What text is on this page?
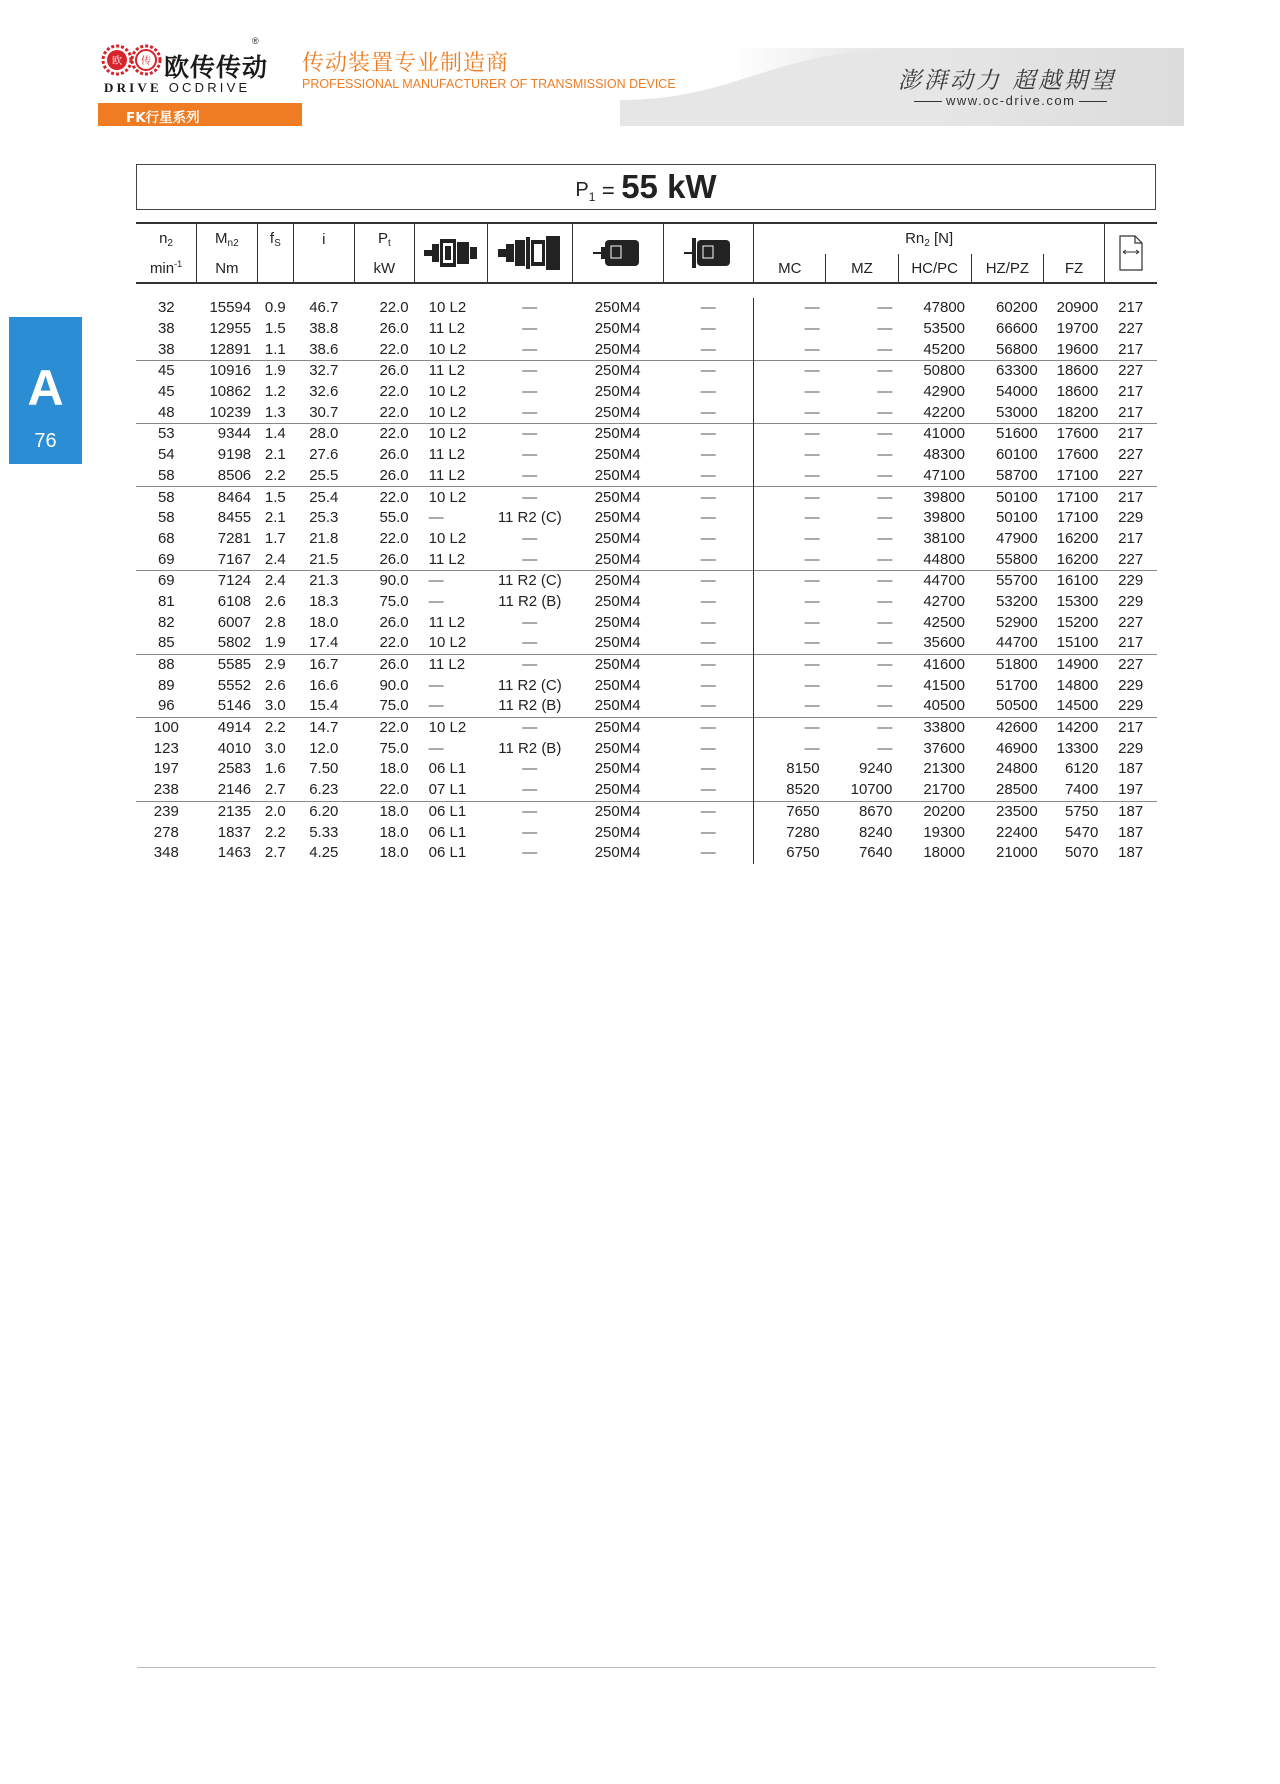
欧 传
®
欧传传动
DRIVE OCDRIVE
传动装置专业制造商
PROFESSIONAL MANUFACTURER OF TRANSMISSION DEVICE	澎湃动力 超越期望
www.oc-drive.com
FK行星系列
A
76
$P_1 = 55$ kW
$n_2$	$M_{n2}$	$f_S$	i	$P_t$					$Rn_2$ [N]	

$\min^{-1}$	Nm			kW					MC	MZ	HC/PC	HZ/PZ	FZ	

32	15594	0.9	46.7	22.0	10 L2	—	250M4	—	—	—	47800	60200	20900	217
38	12955	1.5	38.8	26.0	11 L2	—	250M4	—	—	—	53500	66600	19700	227
38	12891	1.1	38.6	22.0	10 L2	—	250M4	—	—	—	45200	56800	19600	217
45	10916	1.9	32.7	26.0	11 L2	—	250M4	—	—	—	50800	63300	18600	227
45	10862	1.2	32.6	22.0	10 L2	—	250M4	—	—	—	42900	54000	18600	217
48	10239	1.3	30.7	22.0	10 L2	—	250M4	—	—	—	42200	53000	18200	217
53	9344	1.4	28.0	22.0	10 L2	—	250M4	—	—	—	41000	51600	17600	217
54	9198	2.1	27.6	26.0	11 L2	—	250M4	—	—	—	48300	60100	17600	227
58	8506	2.2	25.5	26.0	11 L2	—	250M4	—	—	—	47100	58700	17100	227
58	8464	1.5	25.4	22.0	10 L2	—	250M4	—	—	—	39800	50100	17100	217
58	8455	2.1	25.3	55.0	—	11 R2 (C)	250M4	—	—	—	39800	50100	17100	229
68	7281	1.7	21.8	22.0	10 L2	—	250M4	—	—	—	38100	47900	16200	217
69	7167	2.4	21.5	26.0	11 L2	—	250M4	—	—	—	44800	55800	16200	227
69	7124	2.4	21.3	90.0	—	11 R2 (C)	250M4	—	—	—	44700	55700	16100	229
81	6108	2.6	18.3	75.0	—	11 R2 (B)	250M4	—	—	—	42700	53200	15300	229
82	6007	2.8	18.0	26.0	11 L2	—	250M4	—	—	—	42500	52900	15200	227
85	5802	1.9	17.4	22.0	10 L2	—	250M4	—	—	—	35600	44700	15100	217
88	5585	2.9	16.7	26.0	11 L2	—	250M4	—	—	—	41600	51800	14900	227
89	5552	2.6	16.6	90.0	—	11 R2 (C)	250M4	—	—	—	41500	51700	14800	229
96	5146	3.0	15.4	75.0	—	11 R2 (B)	250M4	—	—	—	40500	50500	14500	229
100	4914	2.2	14.7	22.0	10 L2	—	250M4	—	—	—	33800	42600	14200	217
123	4010	3.0	12.0	75.0	—	11 R2 (B)	250M4	—	—	—	37600	46900	13300	229
197	2583	1.6	7.50	18.0	06 L1	—	250M4	—	8150	9240	21300	24800	6120	187
238	2146	2.7	6.23	22.0	07 L1	—	250M4	—	8520	10700	21700	28500	7400	197
239	2135	2.0	6.20	18.0	06 L1	—	250M4	—	7650	8670	20200	23500	5750	187
278	1837	2.2	5.33	18.0	06 L1	—	250M4	—	7280	8240	19300	22400	5470	187
348	1463	2.7	4.25	18.0	06 L1	—	250M4	—	6750	7640	18000	21000	5070	187
